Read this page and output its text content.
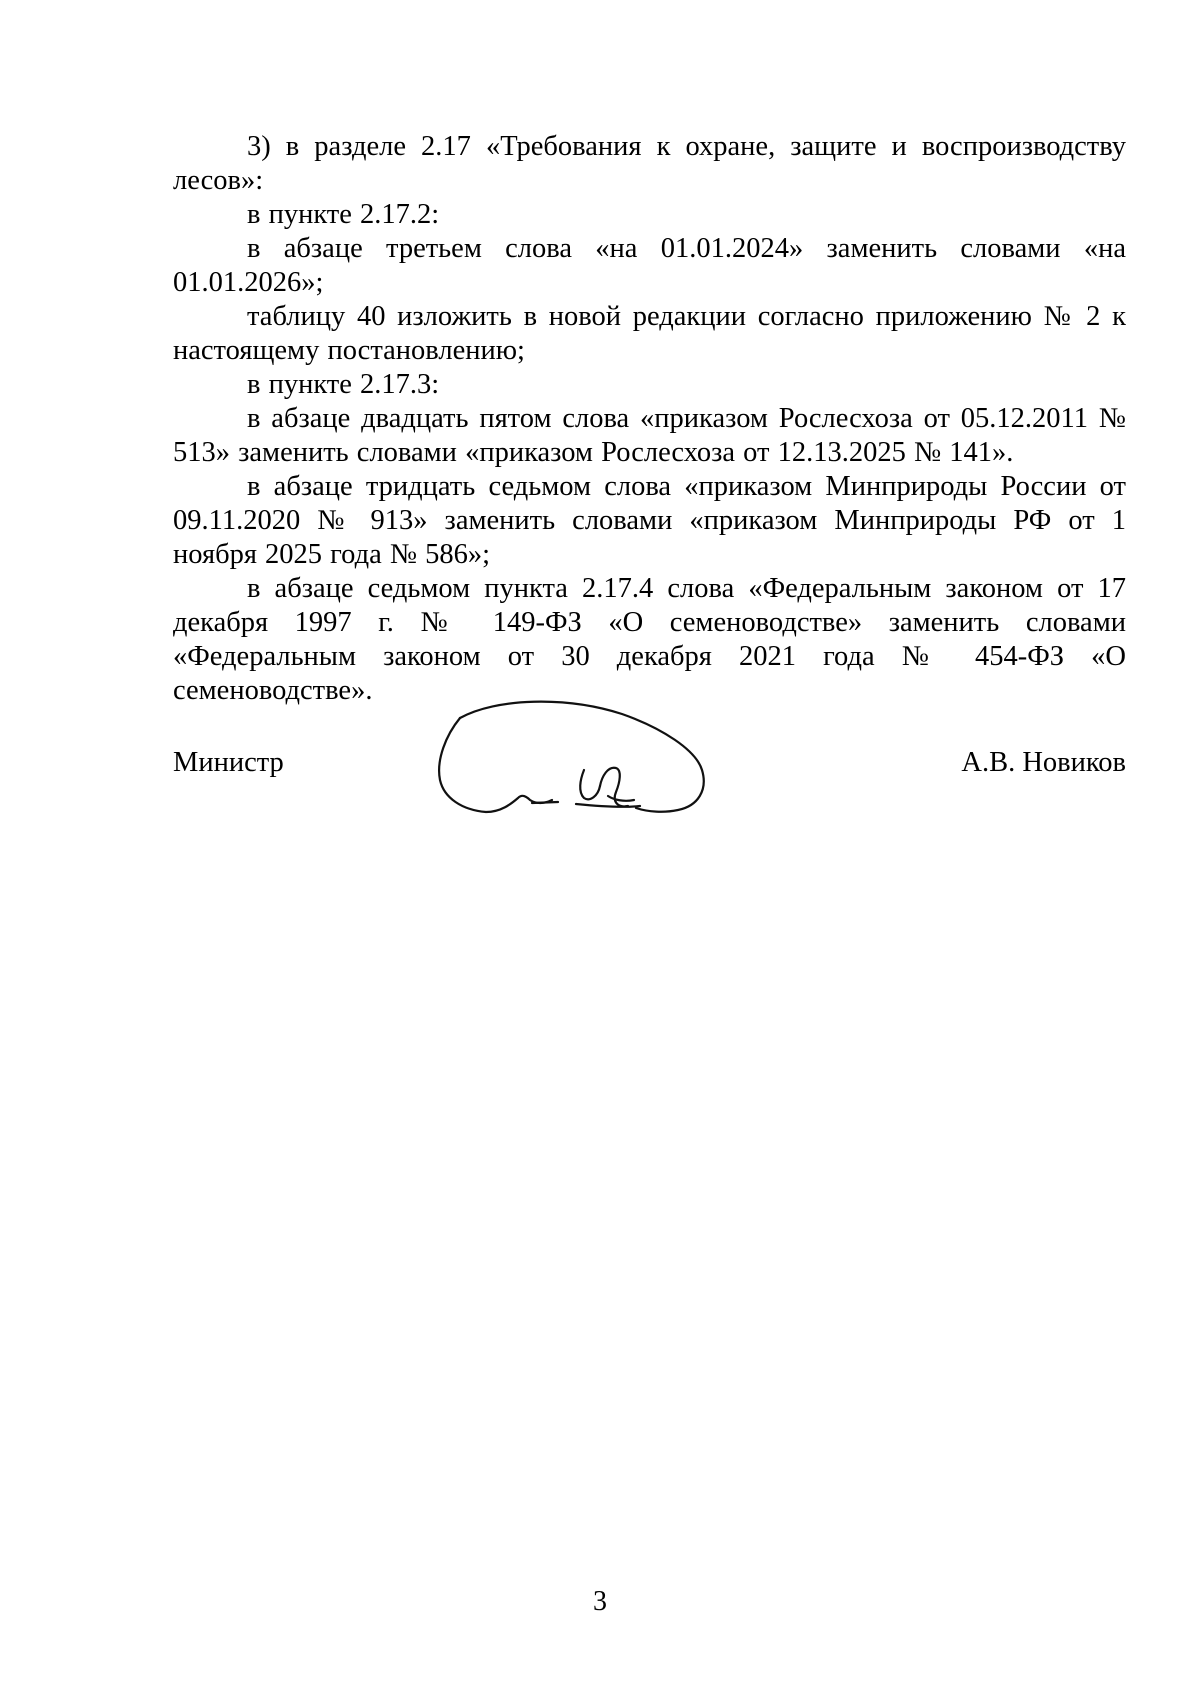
3) в разделе 2.17 «Требования к охране, защите и воспроизводству лесов»:

в пункте 2.17.2:

в абзаце третьем слова «на 01.01.2024» заменить словами «на 01.01.2026»;

таблицу 40 изложить в новой редакции согласно приложению № 2 к настоящему постановлению;

в пункте 2.17.3:

в абзаце двадцать пятом слова «приказом Рослесхоза от 05.12.2011 № 513» заменить словами «приказом Рослесхоза от 12.13.2025 № 141».

в абзаце тридцать седьмом слова «приказом Минприроды России от 09.11.2020 № 913» заменить словами «приказом Минприроды РФ от 1 ноября 2025 года № 586»;

в абзаце седьмом пункта 2.17.4 слова «Федеральным законом от 17 декабря 1997 г. № 149-ФЗ «О семеноводстве» заменить словами «Федеральным законом от 30 декабря 2021 года № 454-ФЗ «О семеноводстве».

Министр	А.В. Новиков
3
